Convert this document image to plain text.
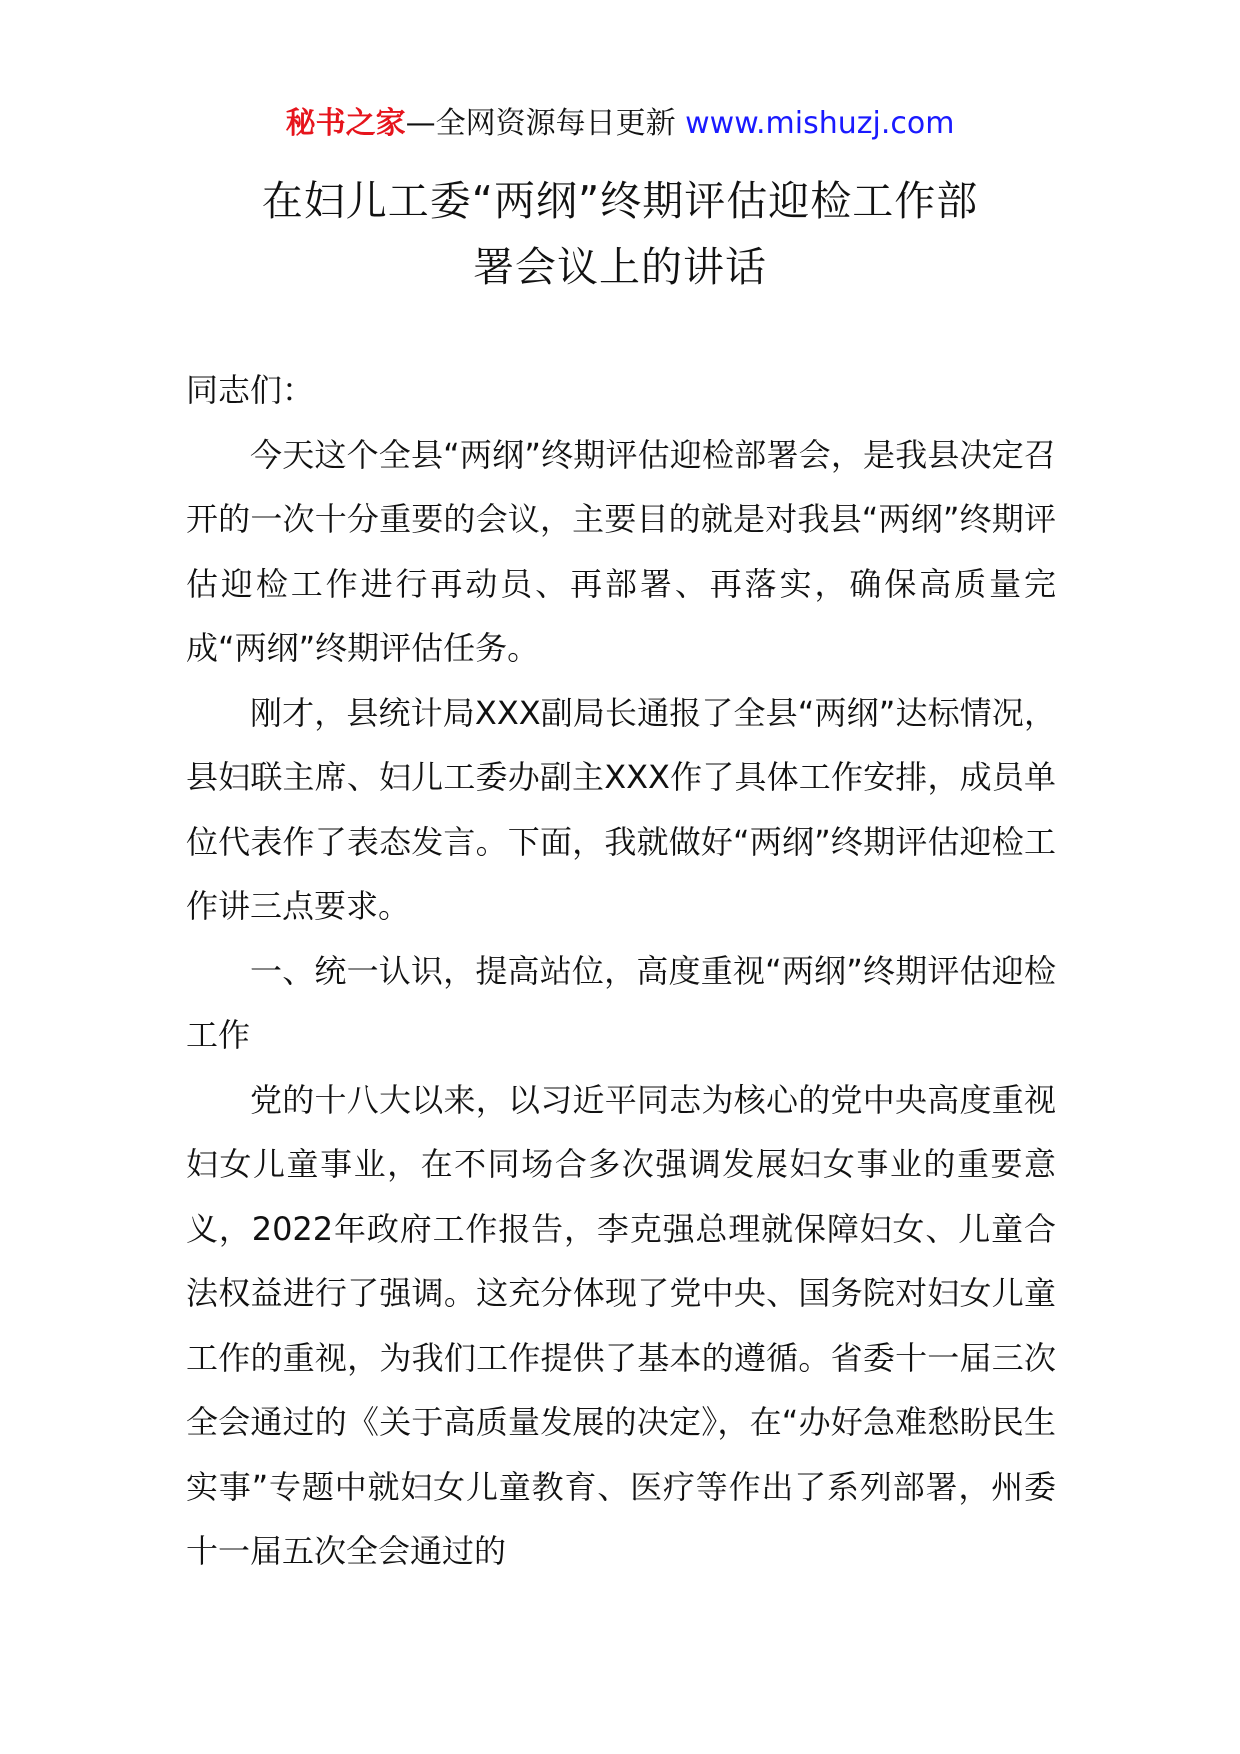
秘书之家—全网资源每日更新 www.mishuzj.com
在妇儿工委“两纲”终期评估迎检工作部
署会议上的讲话

同志们：

今天这个全县“两纲”终期评估迎检部署会，是我县决定召开的一次十分重要的会议，主要目的就是对我县“两纲”终期评估迎检工作进行再动员、再部署、再落实，确保高质量完成“两纲”终期评估任务。

刚才，县统计局XXX副局长通报了全县“两纲”达标情况，县妇联主席、妇儿工委办副主XXX作了具体工作安排，成员单位代表作了表态发言。下面，我就做好“两纲”终期评估迎检工作讲三点要求。

一、统一认识，提高站位，高度重视“两纲”终期评估迎检工作

党的十八大以来，以习近平同志为核心的党中央高度重视妇女儿童事业，在不同场合多次强调发展妇女事业的重要意义，2022年政府工作报告，李克强总理就保障妇女、儿童合法权益进行了强调。这充分体现了党中央、国务院对妇女儿童工作的重视，为我们工作提供了基本的遵循。省委十一届三次全会通过的《关于高质量发展的决定》，在“办好急难愁盼民生实事”专题中就妇女儿童教育、医疗等作出了系列部署，州委十一届五次全会通过的
